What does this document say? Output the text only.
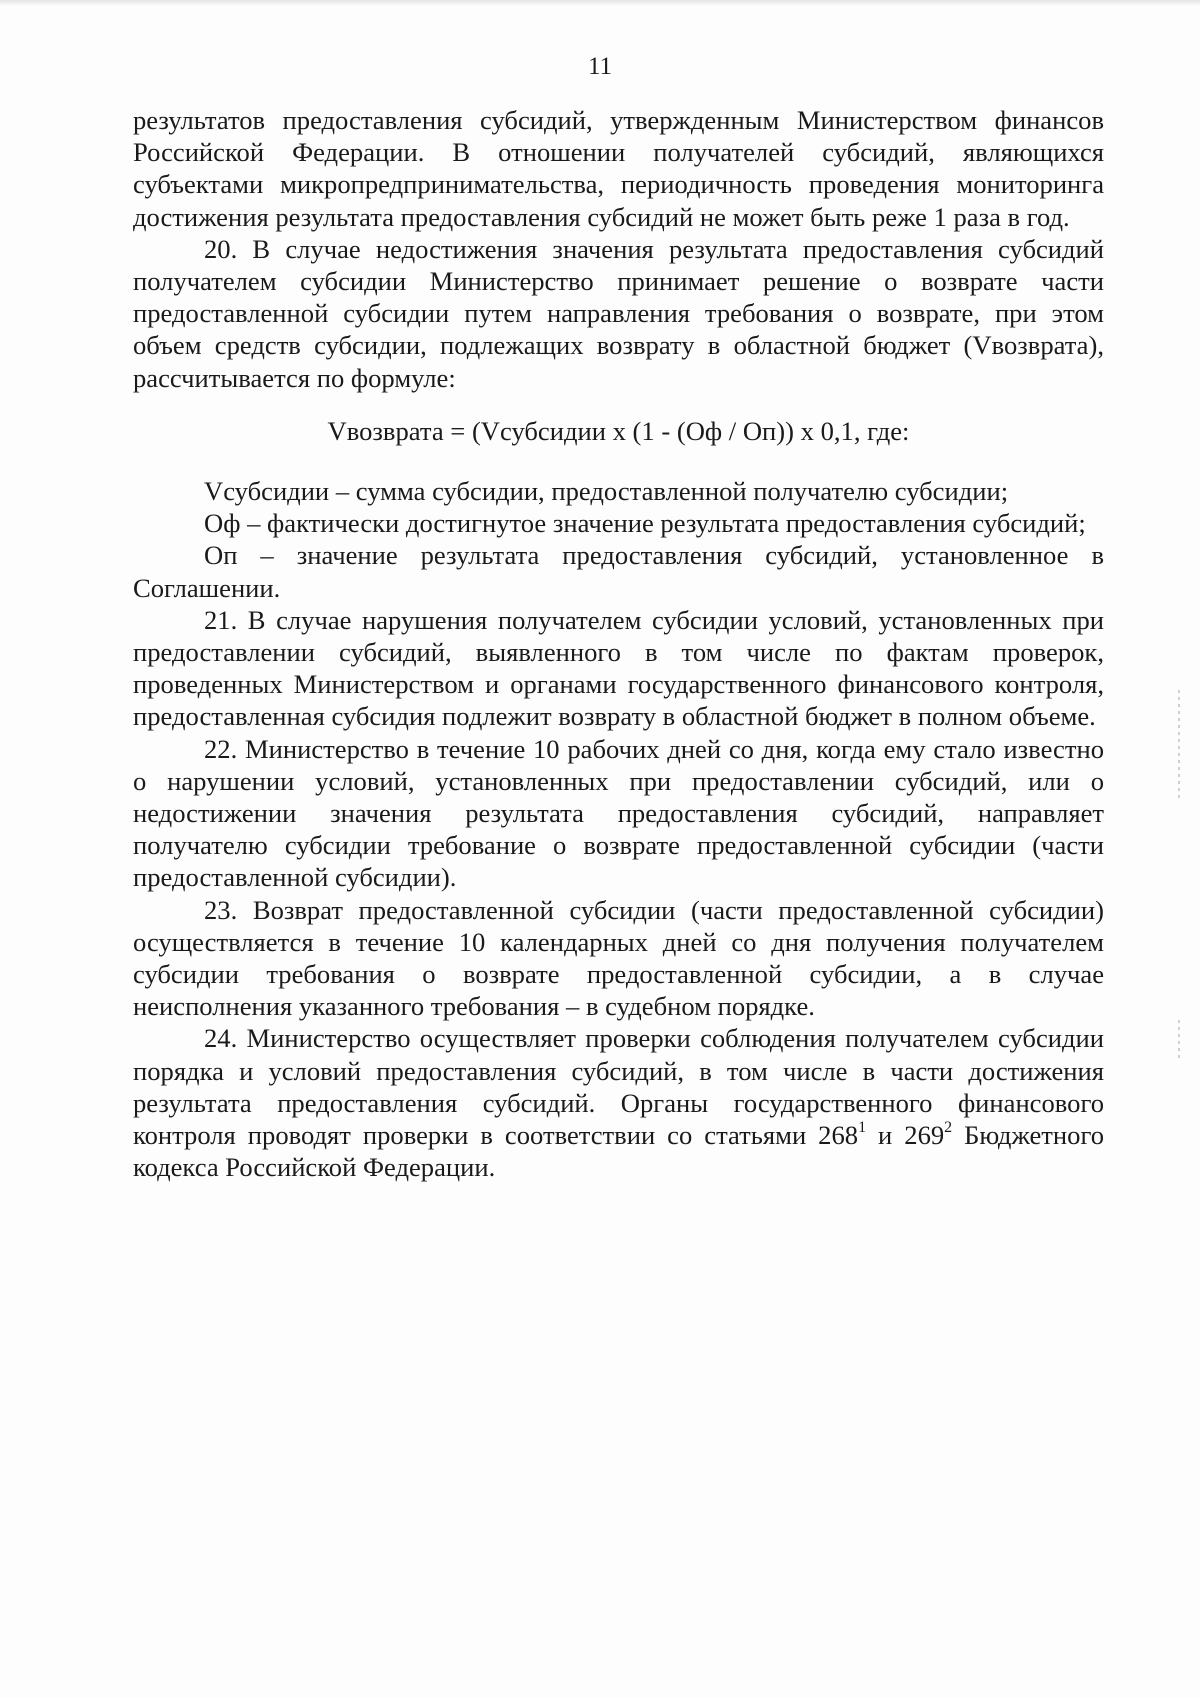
11

результатов предоставления субсидий, утвержденным Министерством финансов Российской Федерации. В отношении получателей субсидий, являющихся субъектами микропредпринимательства, периодичность проведения мониторинга достижения результата предоставления субсидий не может быть реже 1 раза в год.

20. В случае недостижения значения результата предоставления субсидий получателем субсидии Министерство принимает решение о возврате части предоставленной субсидии путем направления требования о возврате, при этом объем средств субсидии, подлежащих возврату в областной бюджет (Vвозврата), рассчитывается по формуле:

Vвозврата = (Vсубсидии х (1 - (Оф / Оп)) х 0,1, где:

Vсубсидии – сумма субсидии, предоставленной получателю субсидии;

Оф – фактически достигнутое значение результата предоставления субсидий;

Оп – значение результата предоставления субсидий, установленное в Соглашении.

21. В случае нарушения получателем субсидии условий, установленных при предоставлении субсидий, выявленного в том числе по фактам проверок, проведенных Министерством и органами государственного финансового контроля, предоставленная субсидия подлежит возврату в областной бюджет в полном объеме.

22. Министерство в течение 10 рабочих дней со дня, когда ему стало известно о нарушении условий, установленных при предоставлении субсидий, или о недостижении значения результата предоставления субсидий, направляет получателю субсидии требование о возврате предоставленной субсидии (части предоставленной субсидии).

23. Возврат предоставленной субсидии (части предоставленной субсидии) осуществляется в течение 10 календарных дней со дня получения получателем субсидии требования о возврате предоставленной субсидии, а в случае неисполнения указанного требования – в судебном порядке.

24. Министерство осуществляет проверки соблюдения получателем субсидии порядка и условий предоставления субсидий, в том числе в части достижения результата предоставления субсидий. Органы государственного финансового контроля проводят проверки в соответствии со статьями $268^1$ и $269^2$ Бюджетного кодекса Российской Федерации.
